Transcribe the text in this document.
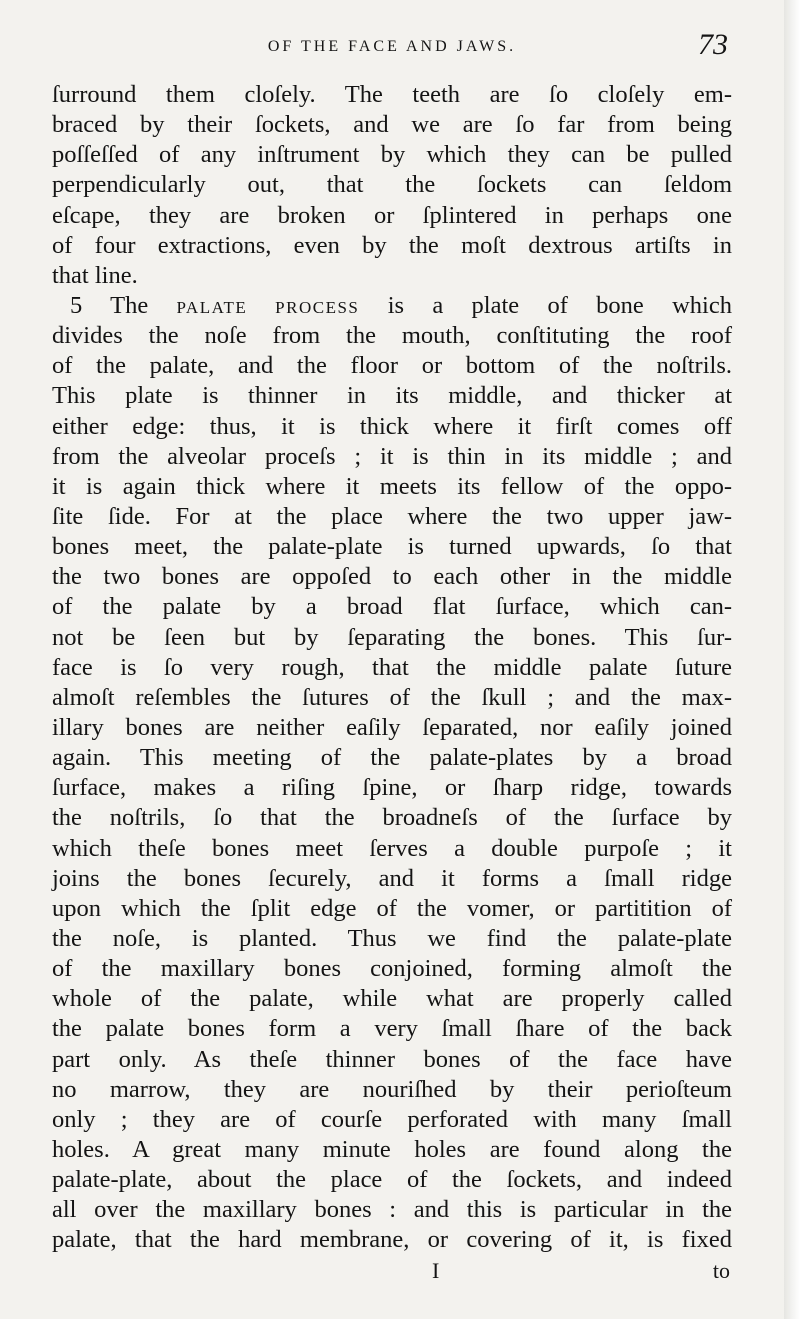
OF THE FACE AND JAWS.	73
ſurround them cloſely. The teeth are ſo cloſely em-
braced by their ſockets, and we are ſo far from being
poſſeſſed of any inſtrument by which they can be pulled
perpendicularly out, that the ſockets can ſeldom
eſcape, they are broken or ſplintered in perhaps one
of four extractions, even by the moſt dextrous artiſts in
that line.
5 The PALATE PROCESS is a plate of bone which
divides the noſe from the mouth, conſtituting the roof
of the palate, and the floor or bottom of the noſtrils.
This plate is thinner in its middle, and thicker at
either edge: thus, it is thick where it firſt comes off
from the alveolar proceſs ; it is thin in its middle ; and
it is again thick where it meets its fellow of the oppo-
ſite ſide. For at the place where the two upper jaw-
bones meet, the palate-plate is turned upwards, ſo that
the two bones are oppoſed to each other in the middle
of the palate by a broad flat ſurface, which can-
not be ſeen but by ſeparating the bones. This ſur-
face is ſo very rough, that the middle palate ſuture
almoſt reſembles the ſutures of the ſkull ; and the max-
illary bones are neither eaſily ſeparated, nor eaſily joined
again. This meeting of the palate-plates by a broad
ſurface, makes a riſing ſpine, or ſharp ridge, towards
the noſtrils, ſo that the broadneſs of the ſurface by
which theſe bones meet ſerves a double purpoſe ; it
joins the bones ſecurely, and it forms a ſmall ridge
upon which the ſplit edge of the vomer, or partitition of
the noſe, is planted. Thus we find the palate-plate
of the maxillary bones conjoined, forming almoſt the
whole of the palate, while what are properly called
the palate bones form a very ſmall ſhare of the back
part only. As theſe thinner bones of the face have
no marrow, they are nouriſhed by their perioſteum
only ; they are of courſe perforated with many ſmall
holes. A great many minute holes are found along the
palate-plate, about the place of the ſockets, and indeed
all over the maxillary bones : and this is particular in the
palate, that the hard membrane, or covering of it, is fixed
I	to
